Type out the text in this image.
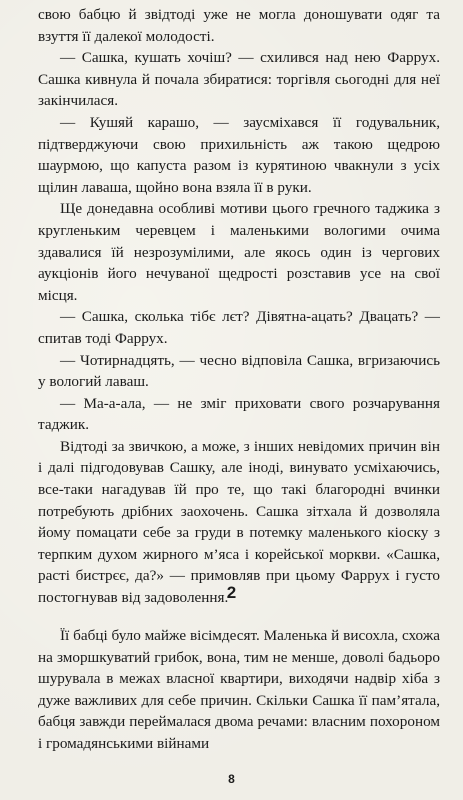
свою бабцю й звідтоді уже не могла доношувати одяг та взуття її далекої молодості.

— Сашка, кушать хочіш? — схилився над нею Фаррух. Сашка кивнула й почала збиратися: торгівля сьогодні для неї закінчилася.

— Кушяй карашо, — заусміхався її годувальник, підтверджуючи свою прихильність аж такою щедрою шаурмою, що капуста разом із курятиною чвакнули з усіх щілин лаваша, щойно вона взяла її в руки.

Ще донедавна особливі мотиви цього гречного таджика з кругленьким черевцем і маленькими вологими очима здавалися їй незрозумілими, але якось один із чергових аукціонів його нечуваної щедрості розставив усе на свої місця.

— Сашка, сколька тібє лєт? Дівятна-ацать? Двацать? — спитав тоді Фаррух.

— Чотирнадцять, — чесно відповіла Сашка, вгризаючись у вологий лаваш.

— Ма-а-ала, — не зміг приховати свого розчарування таджик.

Відтоді за звичкою, а може, з інших невідомих причин він і далі підгодовував Сашку, але іноді, винувато усміхаючись, все-таки нагадував їй про те, що такі благородні вчинки потребують дрібних заохочень. Сашка зітхала й дозволяла йому помацати себе за груди в потемку маленького кіоску з терпким духом жирного м’яса і корейської моркви. «Сашка, расті бистрєє, да?» — примовляв при цьому Фаррух і густо постогнував від задоволення.

2

Її бабці було майже вісімдесят. Маленька й висохла, схожа на зморшкуватий грибок, вона, тим не менше, доволі бадьоро шурувала в межах власної квартири, виходячи надвір хіба з дуже важливих для себе причин. Скільки Сашка її пам’ятала, бабця завжди переймалася двома речами: власним похороном і громадянськими війнами

8
